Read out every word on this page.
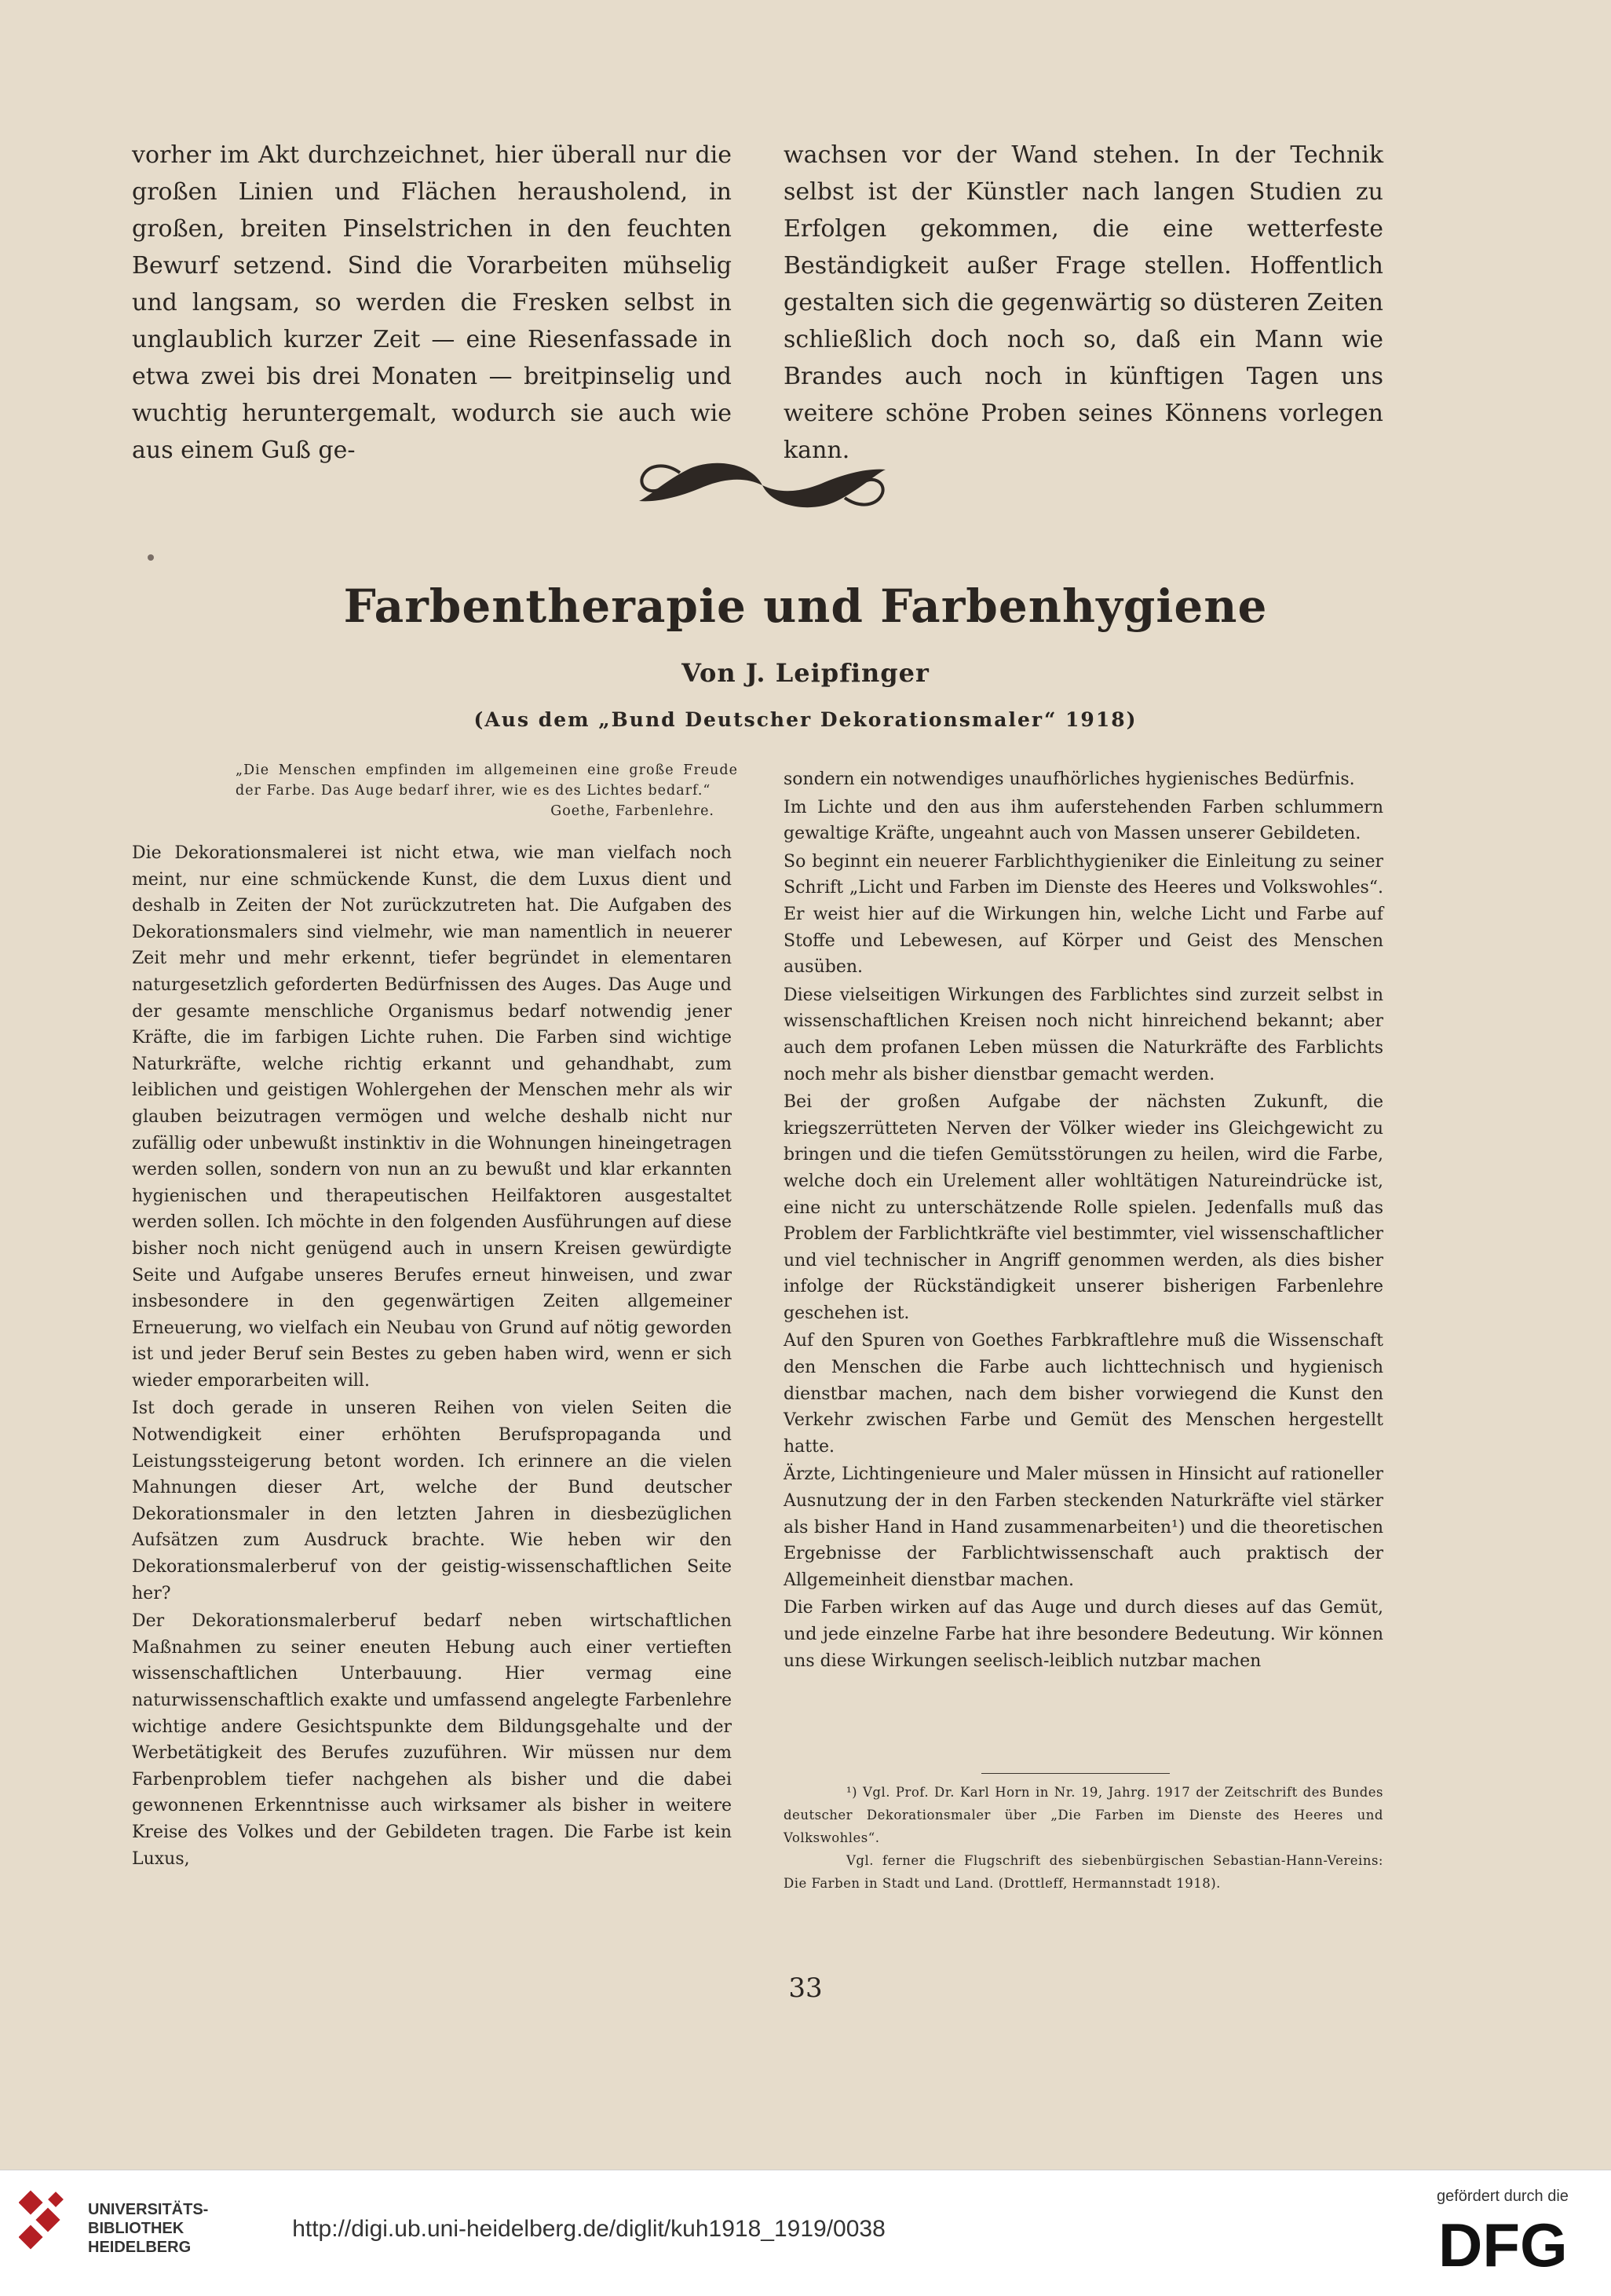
vorher im Akt durchzeichnet, hier überall nur die großen Linien und Flächen herausholend, in großen, breiten Pinselstrichen in den feuchten Bewurf setzend. Sind die Vorarbeiten mühselig und langsam, so werden die Fresken selbst in unglaublich kurzer Zeit — eine Riesenfassade in etwa zwei bis drei Monaten — breitpinselig und wuchtig heruntergemalt, wodurch sie auch wie aus einem Guß ge-

wachsen vor der Wand stehen. In der Technik selbst ist der Künstler nach langen Studien zu Erfolgen gekommen, die eine wetterfeste Beständigkeit außer Frage stellen. Hoffentlich gestalten sich die gegenwärtig so düsteren Zeiten schließlich doch noch so, daß ein Mann wie Brandes auch noch in künftigen Tagen uns weitere schöne Proben seines Könnens vorlegen kann.

Farbentherapie und Farbenhygiene
Von J. Leipfinger
(Aus dem „Bund Deutscher Dekorationsmaler“ 1918)

„Die Menschen empfinden im allgemeinen eine große Freude der Farbe. Das Auge bedarf ihrer, wie es des Lichtes bedarf.“

Goethe, Farbenlehre.

Die Dekorationsmalerei ist nicht etwa, wie man vielfach noch meint, nur eine schmückende Kunst, die dem Luxus dient und deshalb in Zeiten der Not zurückzutreten hat. Die Aufgaben des Dekorationsmalers sind vielmehr, wie man namentlich in neuerer Zeit mehr und mehr erkennt, tiefer begründet in elementaren naturgesetzlich geforderten Bedürfnissen des Auges. Das Auge und der gesamte menschliche Organismus bedarf notwendig jener Kräfte, die im farbigen Lichte ruhen. Die Farben sind wichtige Naturkräfte, welche richtig erkannt und gehandhabt, zum leiblichen und geistigen Wohlergehen der Menschen mehr als wir glauben beizutragen vermögen und welche deshalb nicht nur zufällig oder unbewußt instinktiv in die Wohnungen hineingetragen werden sollen, sondern von nun an zu bewußt und klar erkannten hygienischen und therapeutischen Heilfaktoren ausgestaltet werden sollen. Ich möchte in den folgenden Ausführungen auf diese bisher noch nicht genügend auch in unsern Kreisen gewürdigte Seite und Aufgabe unseres Berufes erneut hinweisen, und zwar insbesondere in den gegenwärtigen Zeiten allgemeiner Erneuerung, wo vielfach ein Neubau von Grund auf nötig geworden ist und jeder Beruf sein Bestes zu geben haben wird, wenn er sich wieder emporarbeiten will.

Ist doch gerade in unseren Reihen von vielen Seiten die Notwendigkeit einer erhöhten Berufspropaganda und Leistungssteigerung betont worden. Ich erinnere an die vielen Mahnungen dieser Art, welche der Bund deutscher Dekorationsmaler in den letzten Jahren in diesbezüglichen Aufsätzen zum Ausdruck brachte. Wie heben wir den Dekorationsmalerberuf von der geistig-wissenschaftlichen Seite her?

Der Dekorationsmalerberuf bedarf neben wirtschaftlichen Maßnahmen zu seiner eneuten Hebung auch einer vertieften wissenschaftlichen Unterbauung. Hier vermag eine naturwissenschaftlich exakte und umfassend angelegte Farbenlehre wichtige andere Gesichtspunkte dem Bildungsgehalte und der Werbetätigkeit des Berufes zuzuführen. Wir müssen nur dem Farbenproblem tiefer nachgehen als bisher und die dabei gewonnenen Erkenntnisse auch wirksamer als bisher in weitere Kreise des Volkes und der Gebildeten tragen. Die Farbe ist kein Luxus,

sondern ein notwendiges unaufhörliches hygienisches Bedürfnis.

Im Lichte und den aus ihm auferstehenden Farben schlummern gewaltige Kräfte, ungeahnt auch von Massen unserer Gebildeten.

So beginnt ein neuerer Farblichthygieniker die Einleitung zu seiner Schrift „Licht und Farben im Dienste des Heeres und Volkswohles“. Er weist hier auf die Wirkungen hin, welche Licht und Farbe auf Stoffe und Lebewesen, auf Körper und Geist des Menschen ausüben.

Diese vielseitigen Wirkungen des Farblichtes sind zurzeit selbst in wissenschaftlichen Kreisen noch nicht hinreichend bekannt; aber auch dem profanen Leben müssen die Naturkräfte des Farblichts noch mehr als bisher dienstbar gemacht werden.

Bei der großen Aufgabe der nächsten Zukunft, die kriegszerrütteten Nerven der Völker wieder ins Gleichgewicht zu bringen und die tiefen Gemütsstörungen zu heilen, wird die Farbe, welche doch ein Urelement aller wohltätigen Natureindrücke ist, eine nicht zu unterschätzende Rolle spielen. Jedenfalls muß das Problem der Farblichtkräfte viel bestimmter, viel wissenschaftlicher und viel technischer in Angriff genommen werden, als dies bisher infolge der Rückständigkeit unserer bisherigen Farbenlehre geschehen ist.

Auf den Spuren von Goethes Farbkraftlehre muß die Wissenschaft den Menschen die Farbe auch lichttechnisch und hygienisch dienstbar machen, nach dem bisher vorwiegend die Kunst den Verkehr zwischen Farbe und Gemüt des Menschen hergestellt hatte.

Ärzte, Lichtingenieure und Maler müssen in Hinsicht auf rationeller Ausnutzung der in den Farben steckenden Naturkräfte viel stärker als bisher Hand in Hand zusammenarbeiten¹) und die theoretischen Ergebnisse der Farblichtwissenschaft auch praktisch der Allgemeinheit dienstbar machen.

Die Farben wirken auf das Auge und durch dieses auf das Gemüt, und jede einzelne Farbe hat ihre besondere Bedeutung. Wir können uns diese Wirkungen seelisch-leiblich nutzbar machen

¹) Vgl. Prof. Dr. Karl Horn in Nr. 19, Jahrg. 1917 der Zeitschrift des Bundes deutscher Dekorationsmaler über „Die Farben im Dienste des Heeres und Volkswohles“.

Vgl. ferner die Flugschrift des siebenbürgischen Sebastian-Hann-Vereins: Die Farben in Stadt und Land. (Drottleff, Hermannstadt 1918).

33
UNIVERSITÄTS-
BIBLIOTHEK
HEIDELBERG
http://digi.ub.uni-heidelberg.de/diglit/kuh1918_1919/0038
gefördert durch die
DFG
